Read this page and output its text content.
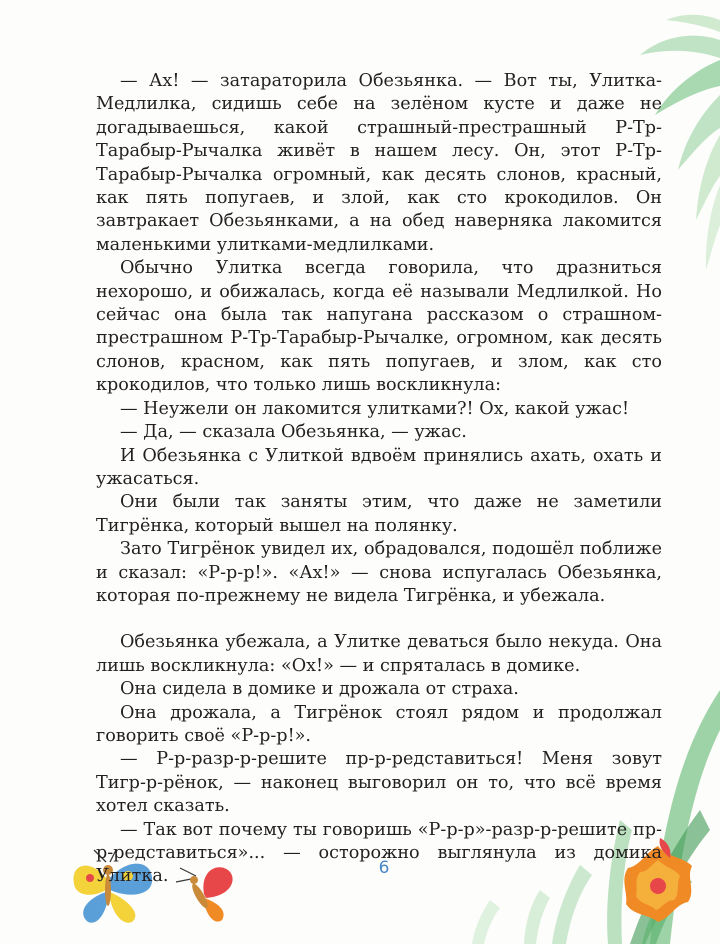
— Ах! — затараторила Обезьянка. — Вот ты, Улитка-Медлилка, сидишь себе на зелёном кусте и даже не догадываешься, какой страшный-престрашный Р-Тр-Тарабыр-Рычалка живёт в нашем лесу. Он, этот Р-Тр-Тарабыр-Рычалка огромный, как десять слонов, красный, как пять попугаев, и злой, как сто крокодилов. Он завтракает Обезьянками, а на обед наверняка лакомится маленькими улитками-медлилками.

Обычно Улитка всегда говорила, что дразниться нехорошо, и обижалась, когда её называли Медлилкой. Но сейчас она была так напугана рассказом о страшном-престрашном Р-Тр-Тарабыр-Рычалке, огромном, как десять слонов, красном, как пять попугаев, и злом, как сто крокодилов, что только лишь воскликнула:

— Неужели он лакомится улитками?! Ох, какой ужас!

— Да, — сказала Обезьянка, — ужас.

И Обезьянка с Улиткой вдвоём принялись ахать, охать и ужасаться.

Они были так заняты этим, что даже не заметили Тигрёнка, который вышел на полянку.

Зато Тигрёнок увидел их, обрадовался, подошёл поближе и сказал: «Р-р-р!». «Ах!» — снова испугалась Обезьянка, которая по-прежнему не видела Тигрёнка, и убежала.

Обезьянка убежала, а Улитке деваться было некуда. Она лишь воскликнула: «Ох!» — и спряталась в домике.

Она сидела в домике и дрожала от страха.

Она дрожала, а Тигрёнок стоял рядом и продолжал говорить своё «Р-р-р!».

— Р-р-разр-р-решите пр-р-редставиться! Меня зовут Тигр-р-рёнок, — наконец выговорил он то, что всё время хотел сказать.

— Так вот почему ты говоришь «Р-р-р»-разр-р-решите пр-р-редставиться»... — осторожно выглянула из домика Улитка.	6
